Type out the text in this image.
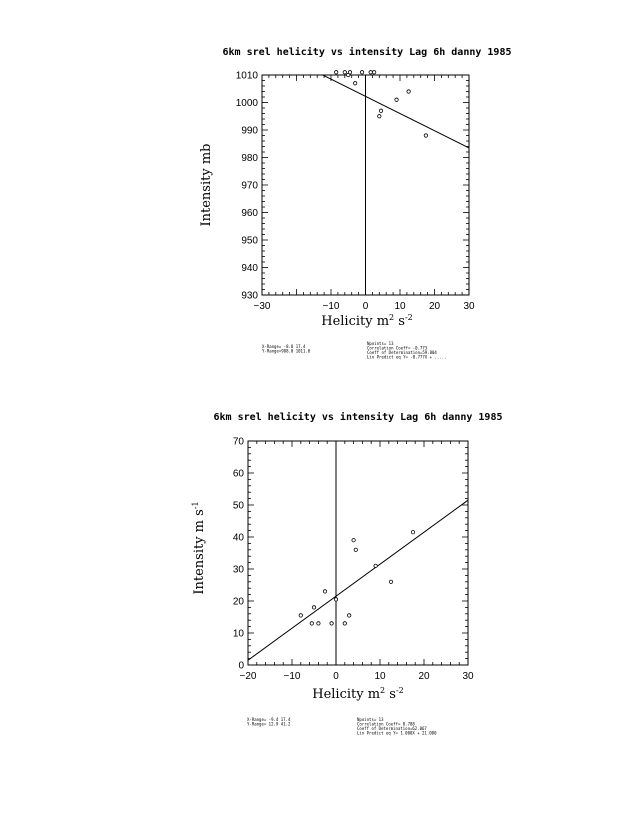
6km srel helicity vs intensity Lag 6h danny 1985
−30	−10 0	10 20 30
930
940
950
960
970
980
990
1000
1010
Helicity m2 s-2
Intensity mb
X-Range= -8.8 17.4
Y-Range=988.0 1011.0
Npoints= 13
Correlation Coeff= -0.773
Coeff of Determination=59.804
Lin Predict eq Y= -0.777X + .....
6km srel helicity vs intensity Lag 6h danny 1985
−20	−10	0	10	20	30
0
10
20
30
40
50
60
70
Helicity m2 s-2
Intensity m s-1
X-Range= -9.4 17.4
Y-Range= 12.9 41.2
Npoints= 13
Correlation Coeff= 0.788
Coeff of Determination=62.067
Lin Predict eq Y= 1.000X + 21.000
